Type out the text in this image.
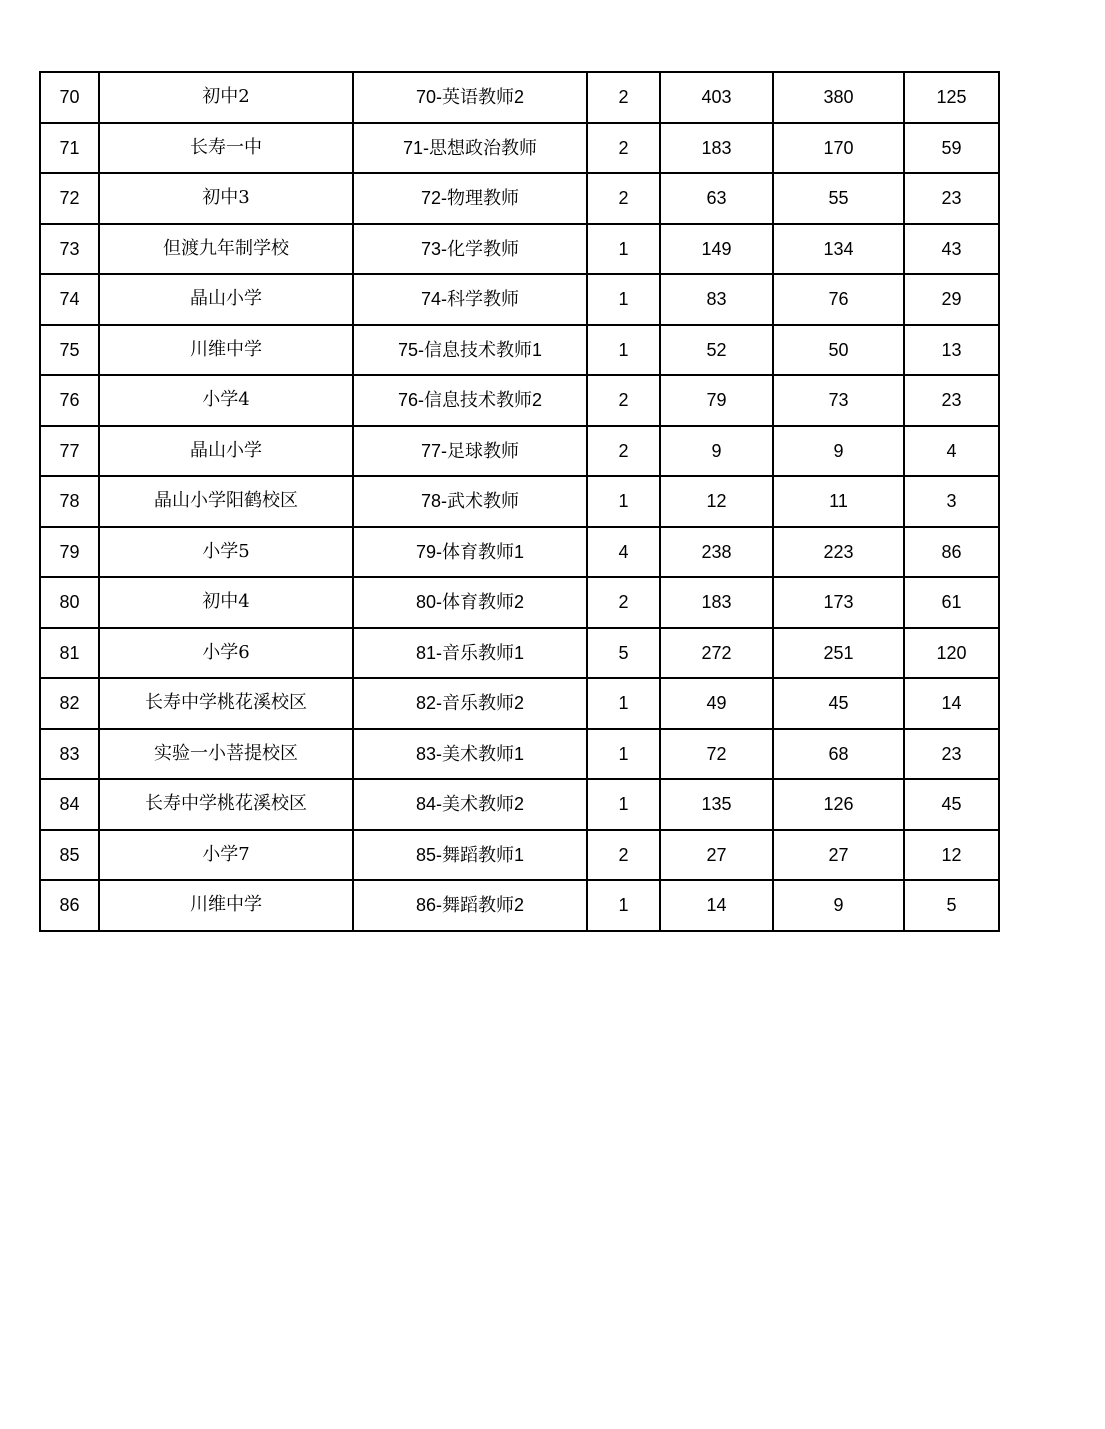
70	初中2	70-英语教师2	2	403	380	125
71	长寿一中	71-思想政治教师	2	183	170	59
72	初中3	72-物理教师	2	63	55	23
73	但渡九年制学校	73-化学教师	1	149	134	43
74	晶山小学	74-科学教师	1	83	76	29
75	川维中学	75-信息技术教师1	1	52	50	13
76	小学4	76-信息技术教师2	2	79	73	23
77	晶山小学	77-足球教师	2	9	9	4
78	晶山小学阳鹤校区	78-武术教师	1	12	11	3
79	小学5	79-体育教师1	4	238	223	86
80	初中4	80-体育教师2	2	183	173	61
81	小学6	81-音乐教师1	5	272	251	120
82	长寿中学桃花溪校区	82-音乐教师2	1	49	45	14
83	实验一小菩提校区	83-美术教师1	1	72	68	23
84	长寿中学桃花溪校区	84-美术教师2	1	135	126	45
85	小学7	85-舞蹈教师1	2	27	27	12
86	川维中学	86-舞蹈教师2	1	14	9	5
